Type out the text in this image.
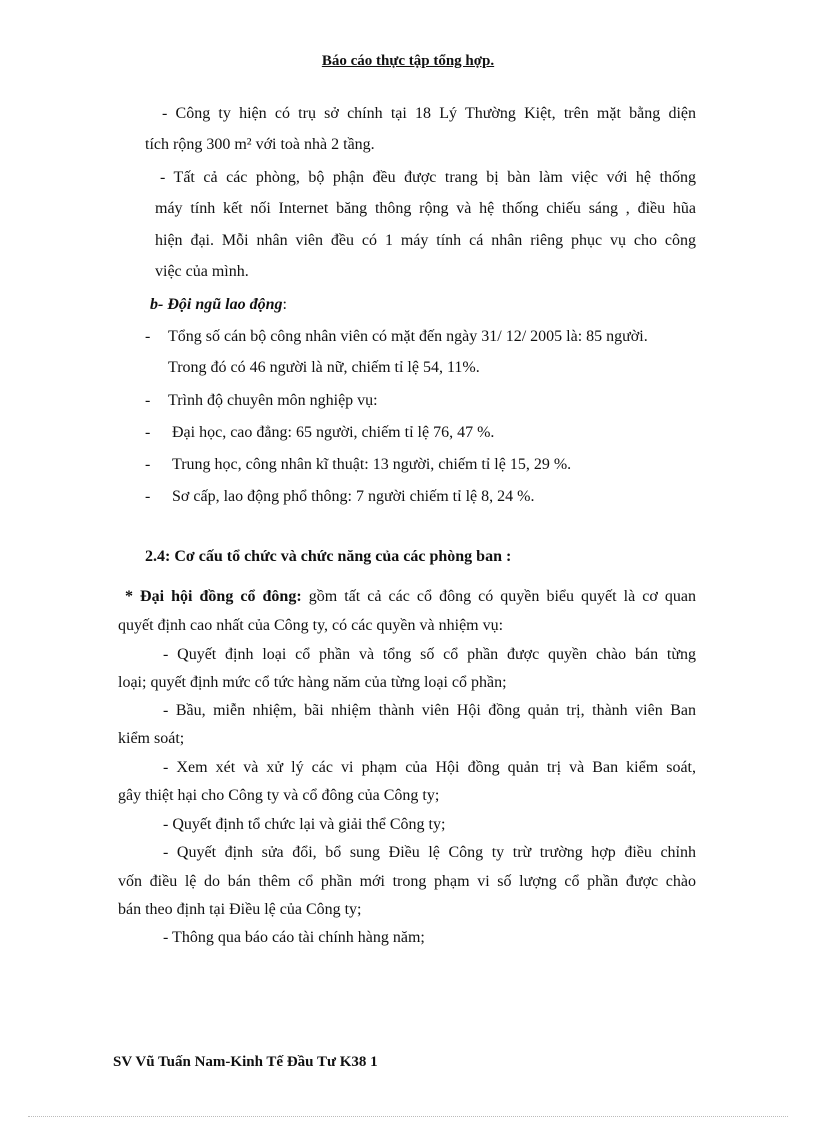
Báo cáo thực tập tổng hợp.
- Công ty hiện có trụ sở chính tại 18 Lý Thường Kiệt, trên mặt bằng diện
tích rộng 300 m² với toà nhà 2 tầng.
- Tất cả các phòng, bộ phận đều được trang bị bàn làm việc với hệ thống
máy tính kết nối Internet băng thông rộng và hệ thống chiếu sáng , điều hũa
hiện đại. Mỗi nhân viên đều có 1 máy tính cá nhân riêng phục vụ cho công
việc của mình.
b- Đội ngũ lao động:
- Tổng số cán bộ công nhân viên có mặt đến ngày 31/ 12/ 2005 là: 85 người.
Trong đó có 46 người là nữ, chiếm tỉ lệ 54, 11%.
- Trình độ chuyên môn nghiệp vụ:
- Đại học, cao đẳng: 65 người, chiếm tỉ lệ 76, 47 %.
- Trung học, công nhân kĩ thuật: 13 người, chiếm tỉ lệ 15, 29 %.
- Sơ cấp, lao động phổ thông: 7 người chiếm tỉ lệ 8, 24 %.
2.4: Cơ cấu tổ chức và chức năng của các phòng ban :
* Đại hội đồng cổ đông: gồm tất cả các cổ đông có quyền biểu quyết là cơ quan
quyết định cao nhất của Công ty, có các quyền và nhiệm vụ:
- Quyết định loại cổ phần và tổng số cổ phần được quyền chào bán từng
loại; quyết định mức cổ tức hàng năm của từng loại cổ phần;
- Bầu, miễn nhiệm, bãi nhiệm thành viên Hội đồng quản trị, thành viên Ban
kiểm soát;
- Xem xét và xử lý các vi phạm của Hội đồng quản trị và Ban kiểm soát,
gây thiệt hại cho Công ty và cổ đông của Công ty;
- Quyết định tổ chức lại và giải thể Công ty;
- Quyết định sửa đổi, bổ sung Điều lệ Công ty trừ trường hợp điều chỉnh
vốn điều lệ do bán thêm cổ phần mới trong phạm vi số lượng cổ phần được chào
bán theo định tại Điều lệ của Công ty;
- Thông qua báo cáo tài chính hàng năm;
SV Vũ Tuấn Nam-Kinh Tế Đầu Tư K38 1
